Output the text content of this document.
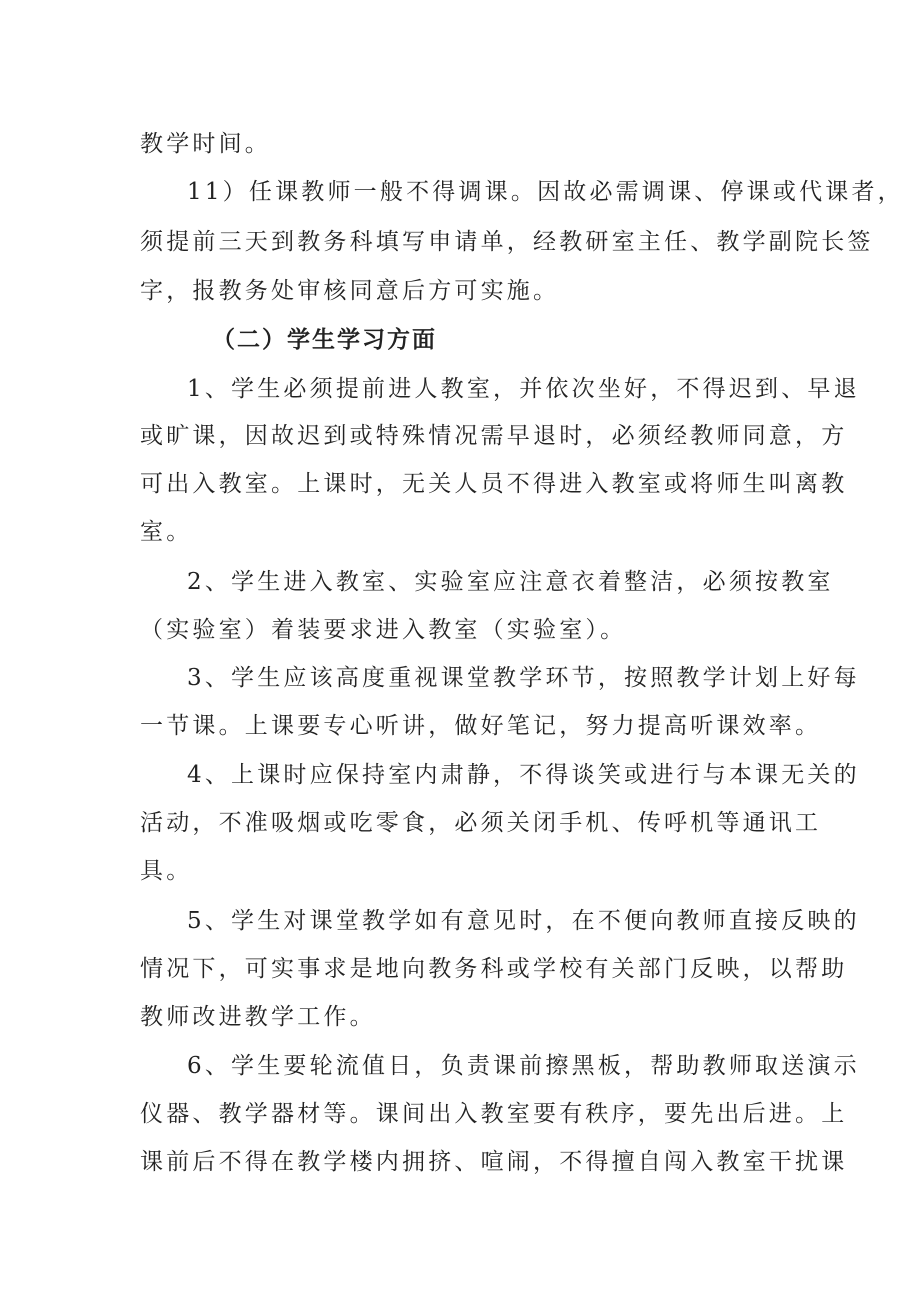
教学时间。
11）任课教师一般不得调课。因故必需调课、停课或代课者，
须提前三天到教务科填写申请单，经教研室主任、教学副院长签
字，报教务处审核同意后方可实施。
（二）学生学习方面
1、学生必须提前进人教室，并依次坐好，不得迟到、早退
或旷课，因故迟到或特殊情况需早退时，必须经教师同意，方
可出入教室。上课时，无关人员不得进入教室或将师生叫离教
室。
2、学生进入教室、实验室应注意衣着整洁，必须按教室
（实验室）着装要求进入教室（实验室）。
3、学生应该高度重视课堂教学环节，按照教学计划上好每
一节课。上课要专心听讲，做好笔记，努力提高听课效率。
4、上课时应保持室内肃静，不得谈笑或进行与本课无关的
活动，不准吸烟或吃零食，必须关闭手机、传呼机等通讯工
具。
5、学生对课堂教学如有意见时，在不便向教师直接反映的
情况下，可实事求是地向教务科或学校有关部门反映，以帮助
教师改进教学工作。
6、学生要轮流值日，负责课前擦黑板，帮助教师取送演示
仪器、教学器材等。课间出入教室要有秩序，要先出后进。上
课前后不得在教学楼内拥挤、喧闹，不得擅自闯入教室干扰课
